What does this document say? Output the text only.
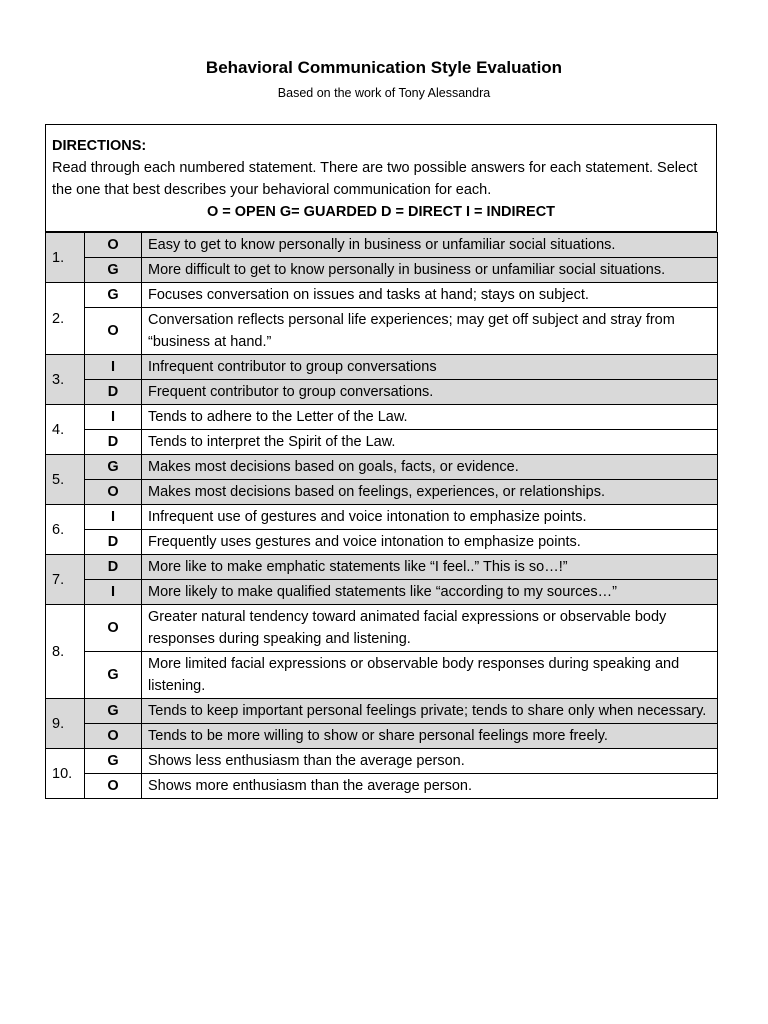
Behavioral Communication Style Evaluation
Based on the work of Tony Alessandra
DIRECTIONS:
Read through each numbered statement. There are two possible answers for each statement. Select the one that best describes your behavioral communication for each.
O = OPEN G= GUARDED D = DIRECT I = INDIRECT
1.	O	Easy to get to know personally in business or unfamiliar social situations.
	G	More difficult to get to know personally in business or unfamiliar social situations.
2.	G	Focuses conversation on issues and tasks at hand; stays on subject.
	O	Conversation reflects personal life experiences; may get off subject and stray from “business at hand.”
3.	I	Infrequent contributor to group conversations
	D	Frequent contributor to group conversations.
4.	I	Tends to adhere to the Letter of the Law.
	D	Tends to interpret the Spirit of the Law.
5.	G	Makes most decisions based on goals, facts, or evidence.
	O	Makes most decisions based on feelings, experiences, or relationships.
6.	I	Infrequent use of gestures and voice intonation to emphasize points.
	D	Frequently uses gestures and voice intonation to emphasize points.
7.	D	More like to make emphatic statements like “I feel..” This is so…!”
	I	More likely to make qualified statements like “according to my sources…”
8.	O	Greater natural tendency toward animated facial expressions or observable body responses during speaking and listening.
	G	More limited facial expressions or observable body responses during speaking and listening.
9.	G	Tends to keep important personal feelings private; tends to share only when necessary.
	O	Tends to be more willing to show or share personal feelings more freely.
10.	G	Shows less enthusiasm than the average person.
	O	Shows more enthusiasm than the average person.
